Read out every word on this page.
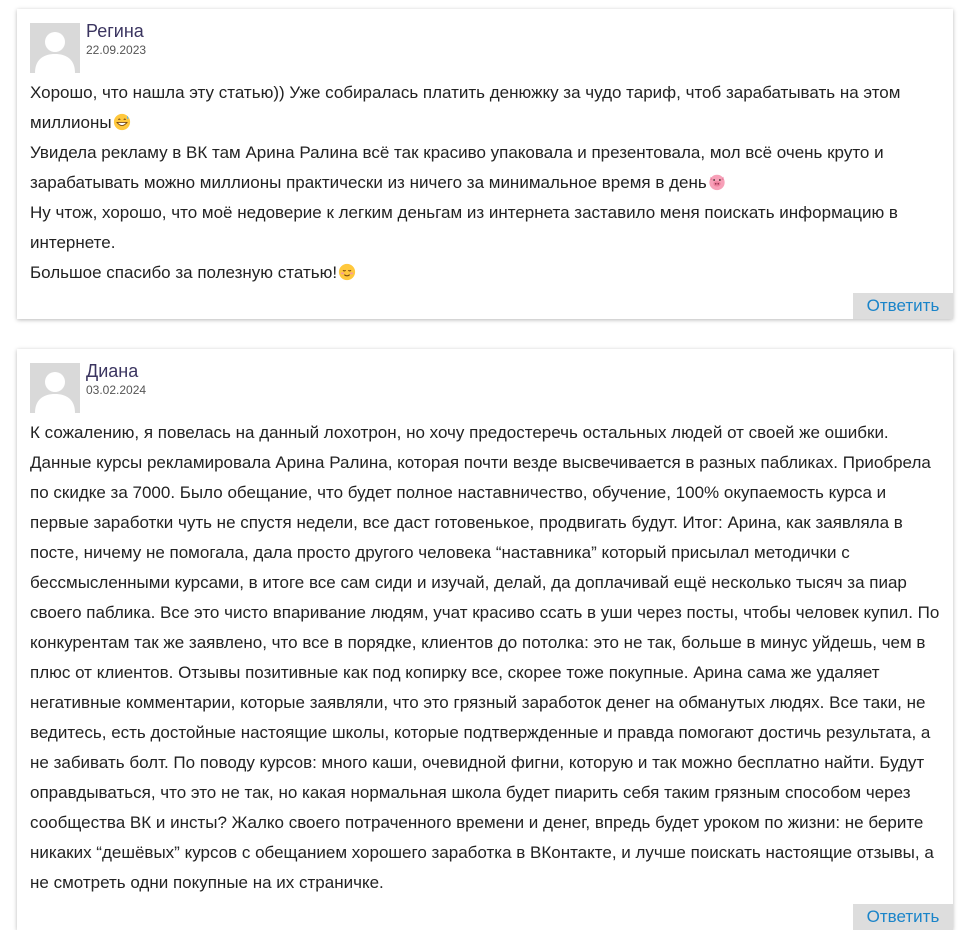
Регина
22.09.2023

Хорошо, что нашла эту статью)) Уже собиралась платить денюжку за чудо тариф, чтоб зарабатывать на этом миллионы

Увидела рекламу в ВК там Арина Ралина всё так красиво упаковала и презентовала, мол всё очень круто и зарабатывать можно миллионы практически из ничего за минимальное время в день

Ну чтож, хорошо, что моё недоверие к легким деньгам из интернета заставило меня поискать информацию в интернете.

Большое спасибо за полезную статью!

Ответить
Диана
03.02.2024

К сожалению, я повелась на данный лохотрон, но хочу предостеречь остальных людей от своей же ошибки. Данные курсы рекламировала Арина Ралина, которая почти везде высвечивается в разных пабликах. Приобрела по скидке за 7000. Было обещание, что будет полное наставничество, обучение, 100% окупаемость курса и первые заработки чуть не спустя недели, все даст готовенькое, продвигать будут. Итог: Арина, как заявляла в посте, ничему не помогала, дала просто другого человека “наставника” который присылал методички с бессмысленными курсами, в итоге все сам сиди и изучай, делай, да доплачивай ещё несколько тысяч за пиар своего паблика. Все это чисто впаривание людям, учат красиво ссать в уши через посты, чтобы человек купил. По конкурентам так же заявлено, что все в порядке, клиентов до потолка: это не так, больше в минус уйдешь, чем в плюс от клиентов. Отзывы позитивные как под копирку все, скорее тоже покупные. Арина сама же удаляет негативные комментарии, которые заявляли, что это грязный заработок денег на обманутых людях. Все таки, не ведитесь, есть достойные настоящие школы, которые подтвержденные и правда помогают достичь результата, а не забивать болт. По поводу курсов: много каши, очевидной фигни, которую и так можно бесплатно найти. Будут оправдываться, что это не так, но какая нормальная школа будет пиарить себя таким грязным способом через сообщества ВК и инсты? Жалко своего потраченного времени и денег, впредь будет уроком по жизни: не берите никаких “дешёвых” курсов с обещанием хорошего заработка в ВКонтакте, и лучше поискать настоящие отзывы, а не смотреть одни покупные на их страничке.

Ответить
